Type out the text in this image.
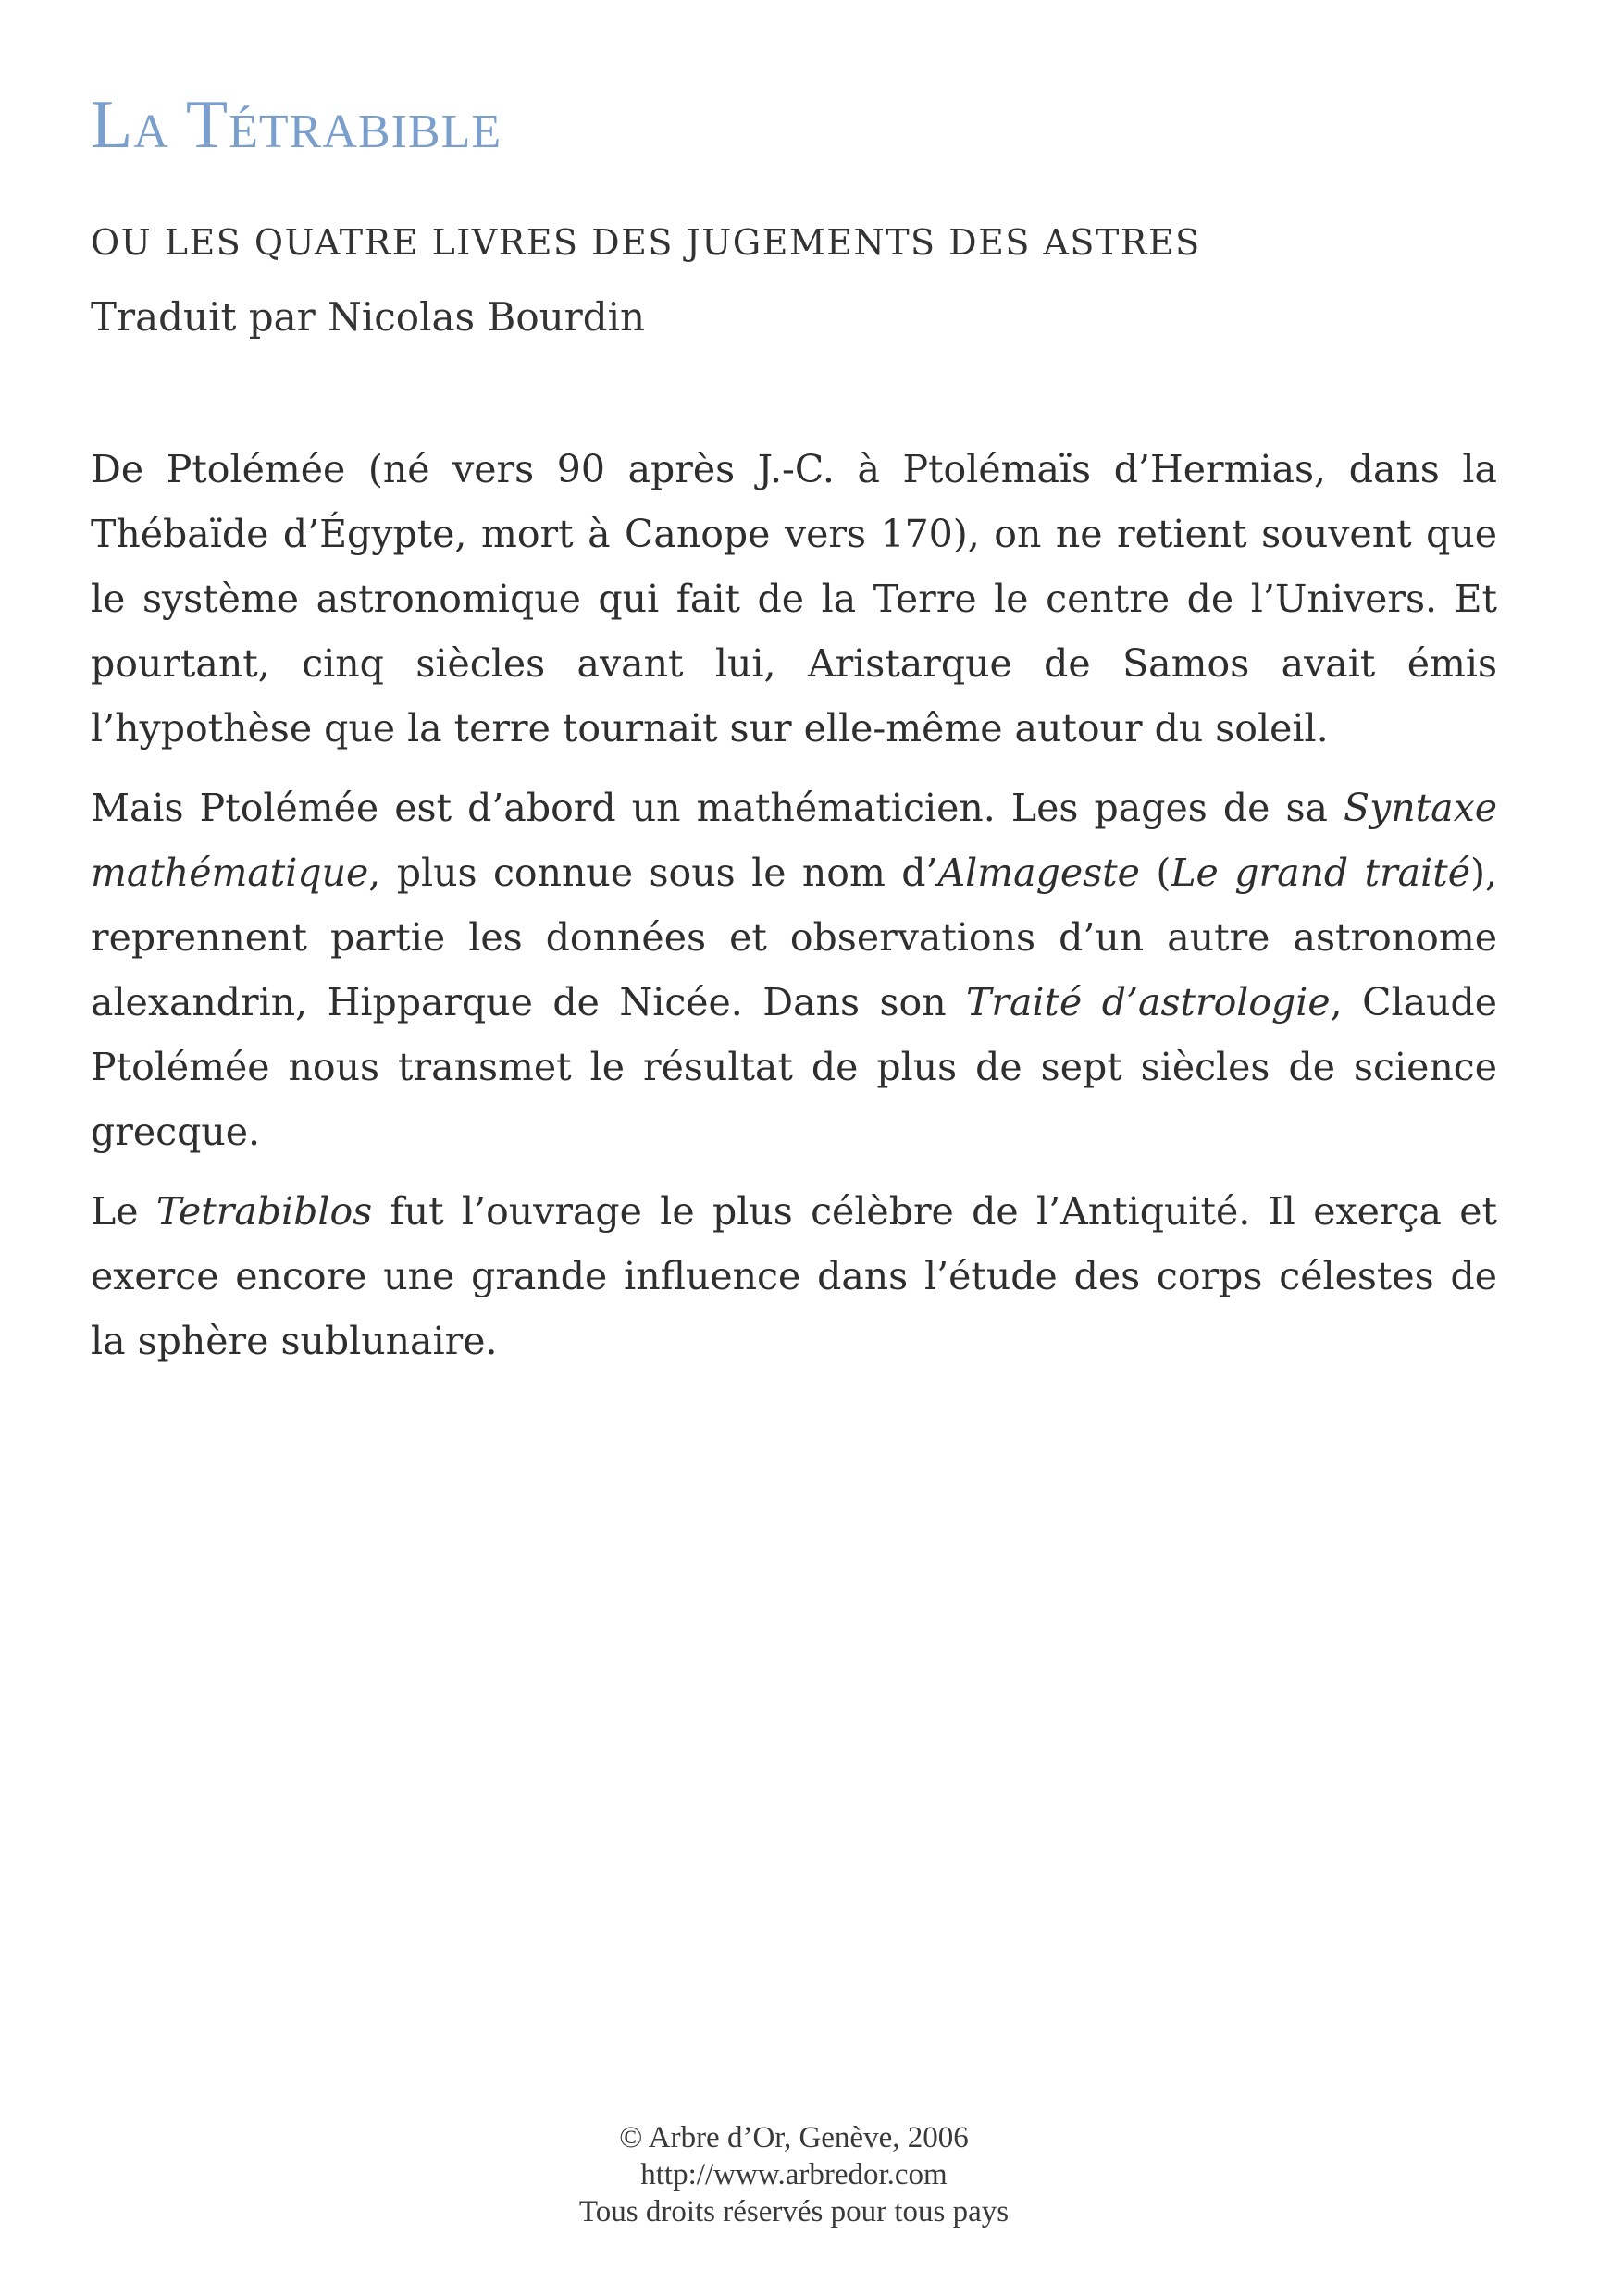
La Tétrabible
OU LES QUATRE LIVRES DES JUGEMENTS DES ASTRES
Traduit par Nicolas Bourdin

De Ptolémée (né vers 90 après J.-C. à Ptolémaïs d’Hermias, dans la Thébaïde d’Égypte, mort à Canope vers 170), on ne retient souvent que le système astronomique qui fait de la Terre le centre de l’Univers. Et pourtant, cinq siècles avant lui, Aristarque de Samos avait émis l’hypothèse que la terre tournait sur elle-même autour du soleil.

Mais Ptolémée est d’abord un mathématicien. Les pages de sa Syntaxe mathématique, plus connue sous le nom d’Almageste (Le grand traité), reprennent partie les données et observations d’un autre astronome alexandrin, Hipparque de Nicée. Dans son Traité d’astrologie, Claude Ptolémée nous transmet le résultat de plus de sept siècles de science grecque.

Le Tetrabiblos fut l’ouvrage le plus célèbre de l’Antiquité. Il exerça et exerce encore une grande influence dans l’étude des corps célestes de la sphère sublunaire.

© Arbre d’Or, Genève, 2006
http://www.arbredor.com
Tous droits réservés pour tous pays
